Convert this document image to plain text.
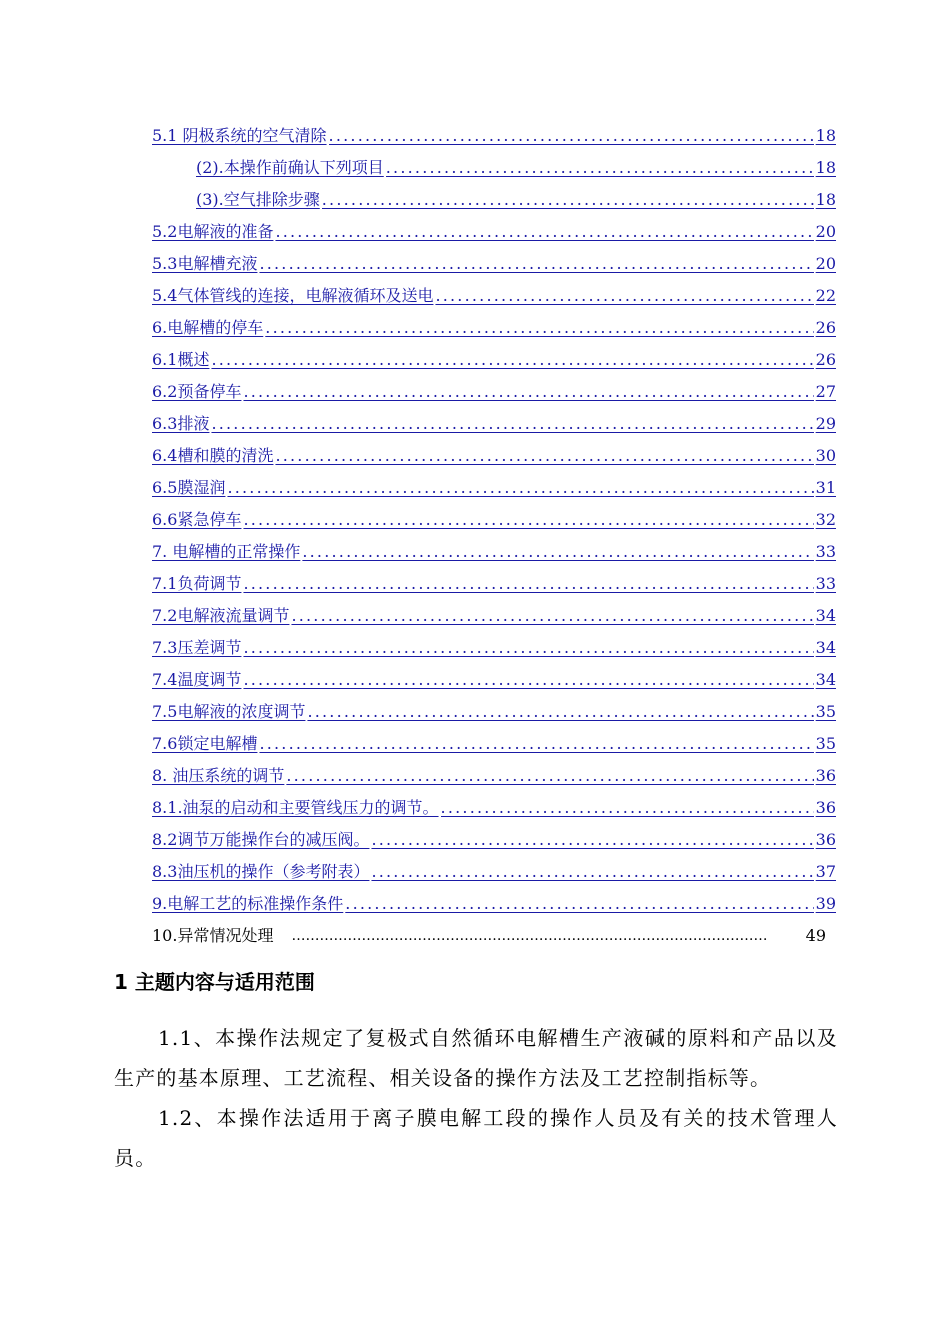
5.1 阴极系统的空气清除 .....	18
(2).本操作前确认下列项目 .....	18
(3).空气排除步骤 .....	18
5.2电解液的准备 .....	20
5.3电解槽充液 .....	20
5.4气体管线的连接，电解液循环及送电 .....	22
6.电解槽的停车 .....	26
6.1概述 .....	26
6.2预备停车 .....	27
6.3排液 .....	29
6.4槽和膜的清洗 .....	30
6.5膜湿润 .....	31
6.6紧急停车 .....	32
7. 电解槽的正常操作 .....	33
7.1负荷调节 .....	33
7.2电解液流量调节 .....	34
7.3压差调节 .....	34
7.4温度调节 .....	34
7.5电解液的浓度调节 .....	35
7.6锁定电解槽 .....	35
8. 油压系统的调节 .....	36
8.1.油泵的启动和主要管线压力的调节。 .....	36
8.2调节万能操作台的减压阀。 .....	36
8.3油压机的操作（参考附表） .....	37
9.电解工艺的标准操作条件 .....	39
10.异常情况处理 …………………………………………………………………………………………	49
1 主题内容与适用范围

1.1、本操作法规定了复极式自然循环电解槽生产液碱的原料和产品以及生产的基本原理、工艺流程、相关设备的操作方法及工艺控制指标等。

1.2、本操作法适用于离子膜电解工段的操作人员及有关的技术管理人员。
